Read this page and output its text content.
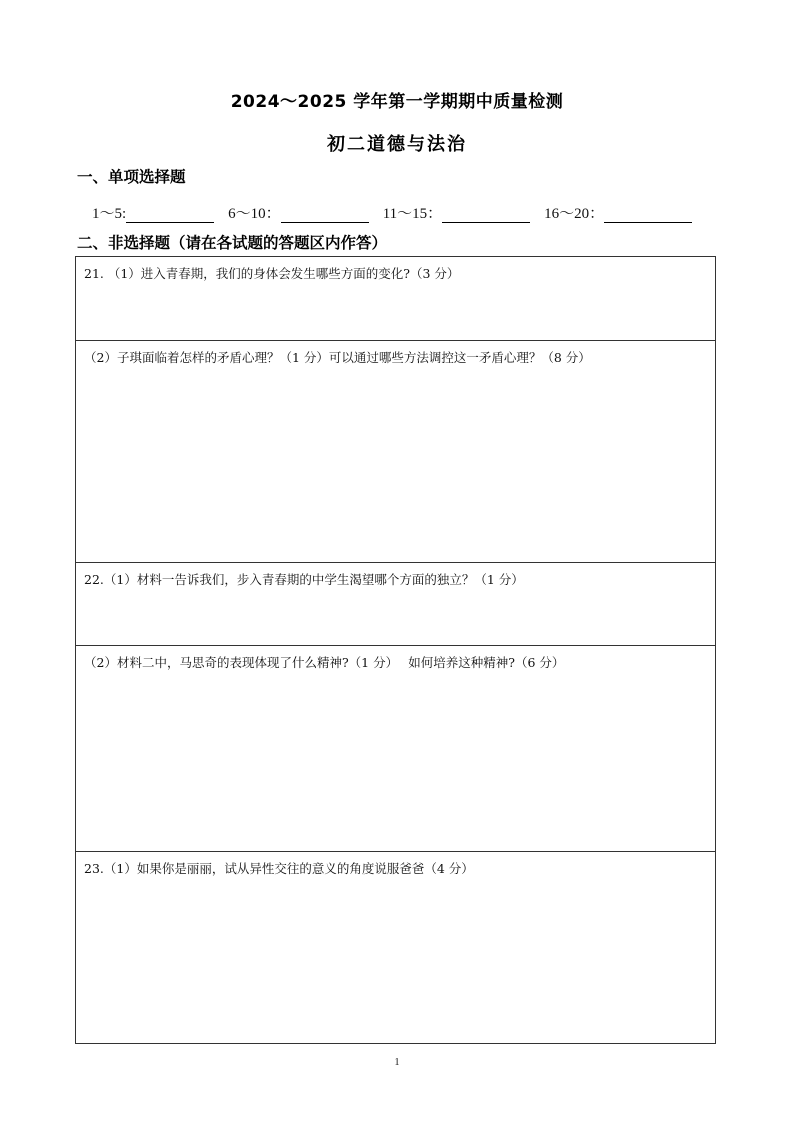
2024～2025 学年第一学期期中质量检测
初二道德与法治
一、单项选择题
1～5:	6～10：	11～15：	16～20：
二、非选择题（请在各试题的答题区内作答）
21. （1）进入青春期，我们的身体会发生哪些方面的变化?（3 分）
（2）子琪面临着怎样的矛盾心理？（1 分）可以通过哪些方法调控这一矛盾心理？（8 分）
22.（1）材料一告诉我们，步入青春期的中学生渴望哪个方面的独立？（1 分）
（2）材料二中，马思奇的表现体现了什么精神?（1 分）　 如何培养这种精神?（6 分）
23.（1）如果你是丽丽，试从异性交往的意义的角度说服爸爸（4 分）
1
